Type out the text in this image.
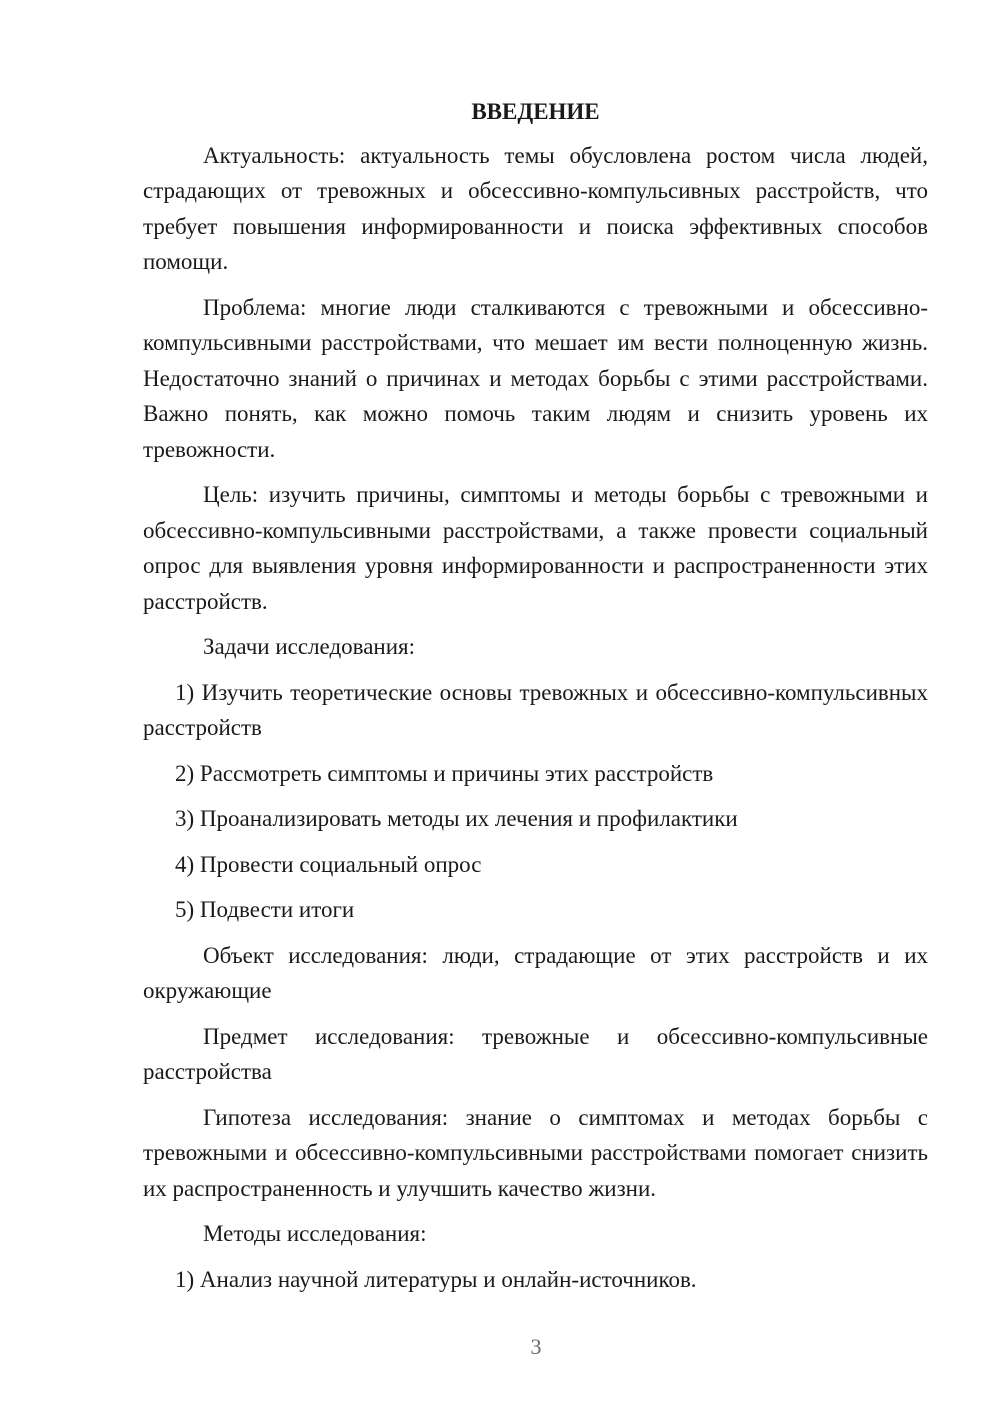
ВВЕДЕНИЕ

Актуальность: актуальность темы обусловлена ростом числа людей, страдающих от тревожных и обсессивно-компульсивных расстройств, что требует повышения информированности и поиска эффективных способов помощи.

Проблема: многие люди сталкиваются с тревожными и обсессивно-компульсивными расстройствами, что мешает им вести полноценную жизнь. Недостаточно знаний о причинах и методах борьбы с этими расстройствами. Важно понять, как можно помочь таким людям и снизить уровень их тревожности.

Цель: изучить причины, симптомы и методы борьбы с тревожными и обсессивно-компульсивными расстройствами, а также провести социальный опрос для выявления уровня информированности и распространенности этих расстройств.

Задачи исследования:

1) Изучить теоретические основы тревожных и обсессивно-компульсивных расстройств

2) Рассмотреть симптомы и причины этих расстройств

3) Проанализировать методы их лечения и профилактики

4) Провести социальный опрос

5) Подвести итоги

Объект исследования: люди, страдающие от этих расстройств и их окружающие

Предмет исследования: тревожные и обсессивно-компульсивные расстройства

Гипотеза исследования: знание о симптомах и методах борьбы с тревожными и обсессивно-компульсивными расстройствами помогает снизить их распространенность и улучшить качество жизни.

Методы исследования:

1) Анализ научной литературы и онлайн-источников.

3
